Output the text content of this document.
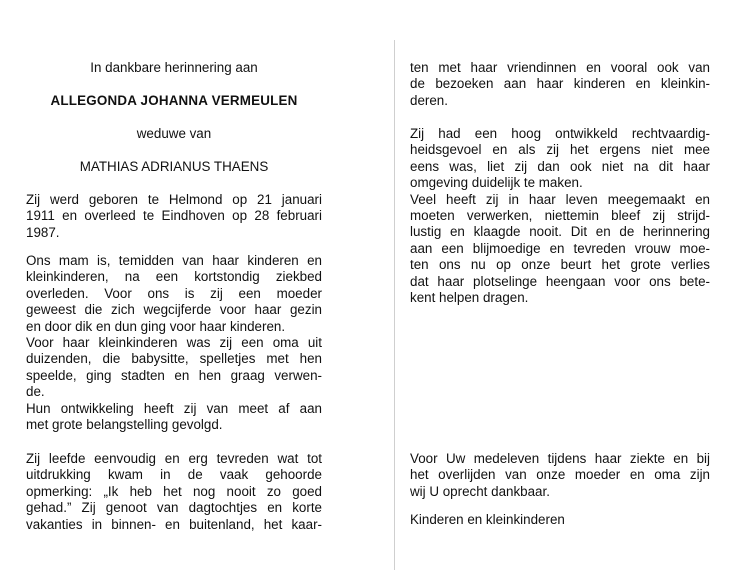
In dankbare herinnering aan
ALLEGONDA JOHANNA VERMEULEN
weduwe van
MATHIAS ADRIANUS THAENS
Zij werd geboren te Helmond op 21 januari
1911 en overleed te Eindhoven op 28 februari
1987.
Ons mam is, temidden van haar kinderen en
kleinkinderen, na een kortstondig ziekbed
overleden. Voor ons is zij een moeder
geweest die zich wegcijferde voor haar gezin
en door dik en dun ging voor haar kinderen.
Voor haar kleinkinderen was zij een oma uit
duizenden, die babysitte, spelletjes met hen
speelde, ging stadten en hen graag verwen-
de.
Hun ontwikkeling heeft zij van meet af aan
met grote belangstelling gevolgd.
Zij leefde eenvoudig en erg tevreden wat tot
uitdrukking kwam in de vaak gehoorde
opmerking: „Ik heb het nog nooit zo goed
gehad.” Zij genoot van dagtochtjes en korte
vakanties in binnen- en buitenland, het kaar-
ten met haar vriendinnen en vooral ook van
de bezoeken aan haar kinderen en kleinkin-
deren.
Zij had een hoog ontwikkeld rechtvaardig-
heidsgevoel en als zij het ergens niet mee
eens was, liet zij dan ook niet na dit haar
omgeving duidelijk te maken.
Veel heeft zij in haar leven meegemaakt en
moeten verwerken, niettemin bleef zij strijd-
lustig en klaagde nooit. Dit en de herinnering
aan een blijmoedige en tevreden vrouw moe-
ten ons nu op onze beurt het grote verlies
dat haar plotselinge heengaan voor ons bete-
kent helpen dragen.
Voor Uw medeleven tijdens haar ziekte en bij
het overlijden van onze moeder en oma zijn
wij U oprecht dankbaar.
Kinderen en kleinkinderen
